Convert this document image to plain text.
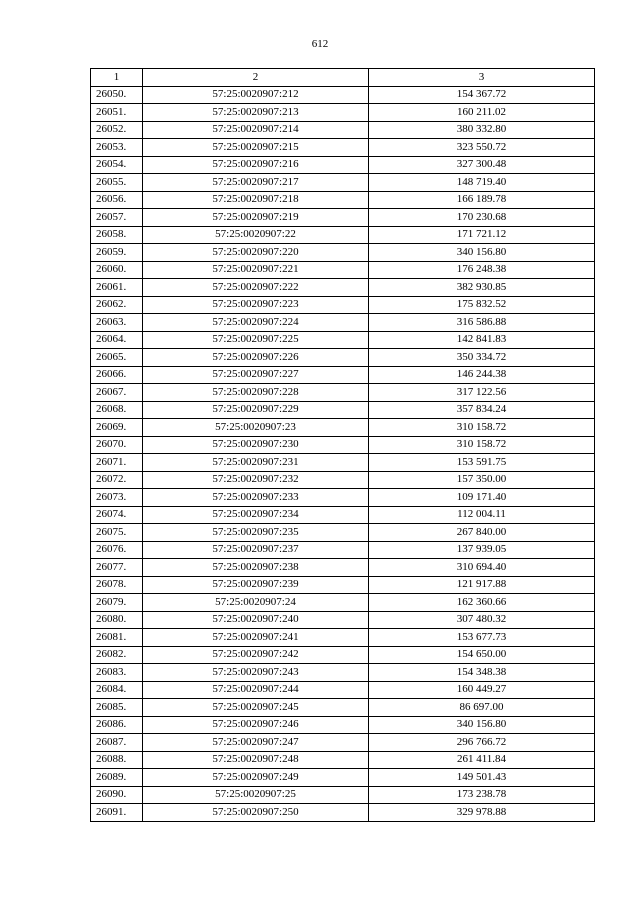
612
1	2	3
26050.	57:25:0020907:212	154 367.72
26051.	57:25:0020907:213	160 211.02
26052.	57:25:0020907:214	380 332.80
26053.	57:25:0020907:215	323 550.72
26054.	57:25:0020907:216	327 300.48
26055.	57:25:0020907:217	148 719.40
26056.	57:25:0020907:218	166 189.78
26057.	57:25:0020907:219	170 230.68
26058.	57:25:0020907:22	171 721.12
26059.	57:25:0020907:220	340 156.80
26060.	57:25:0020907:221	176 248.38
26061.	57:25:0020907:222	382 930.85
26062.	57:25:0020907:223	175 832.52
26063.	57:25:0020907:224	316 586.88
26064.	57:25:0020907:225	142 841.83
26065.	57:25:0020907:226	350 334.72
26066.	57:25:0020907:227	146 244.38
26067.	57:25:0020907:228	317 122.56
26068.	57:25:0020907:229	357 834.24
26069.	57:25:0020907:23	310 158.72
26070.	57:25:0020907:230	310 158.72
26071.	57:25:0020907:231	153 591.75
26072.	57:25:0020907:232	157 350.00
26073.	57:25:0020907:233	109 171.40
26074.	57:25:0020907:234	112 004.11
26075.	57:25:0020907:235	267 840.00
26076.	57:25:0020907:237	137 939.05
26077.	57:25:0020907:238	310 694.40
26078.	57:25:0020907:239	121 917.88
26079.	57:25:0020907:24	162 360.66
26080.	57:25:0020907:240	307 480.32
26081.	57:25:0020907:241	153 677.73
26082.	57:25:0020907:242	154 650.00
26083.	57:25:0020907:243	154 348.38
26084.	57:25:0020907:244	160 449.27
26085.	57:25:0020907:245	86 697.00
26086.	57:25:0020907:246	340 156.80
26087.	57:25:0020907:247	296 766.72
26088.	57:25:0020907:248	261 411.84
26089.	57:25:0020907:249	149 501.43
26090.	57:25:0020907:25	173 238.78
26091.	57:25:0020907:250	329 978.88
